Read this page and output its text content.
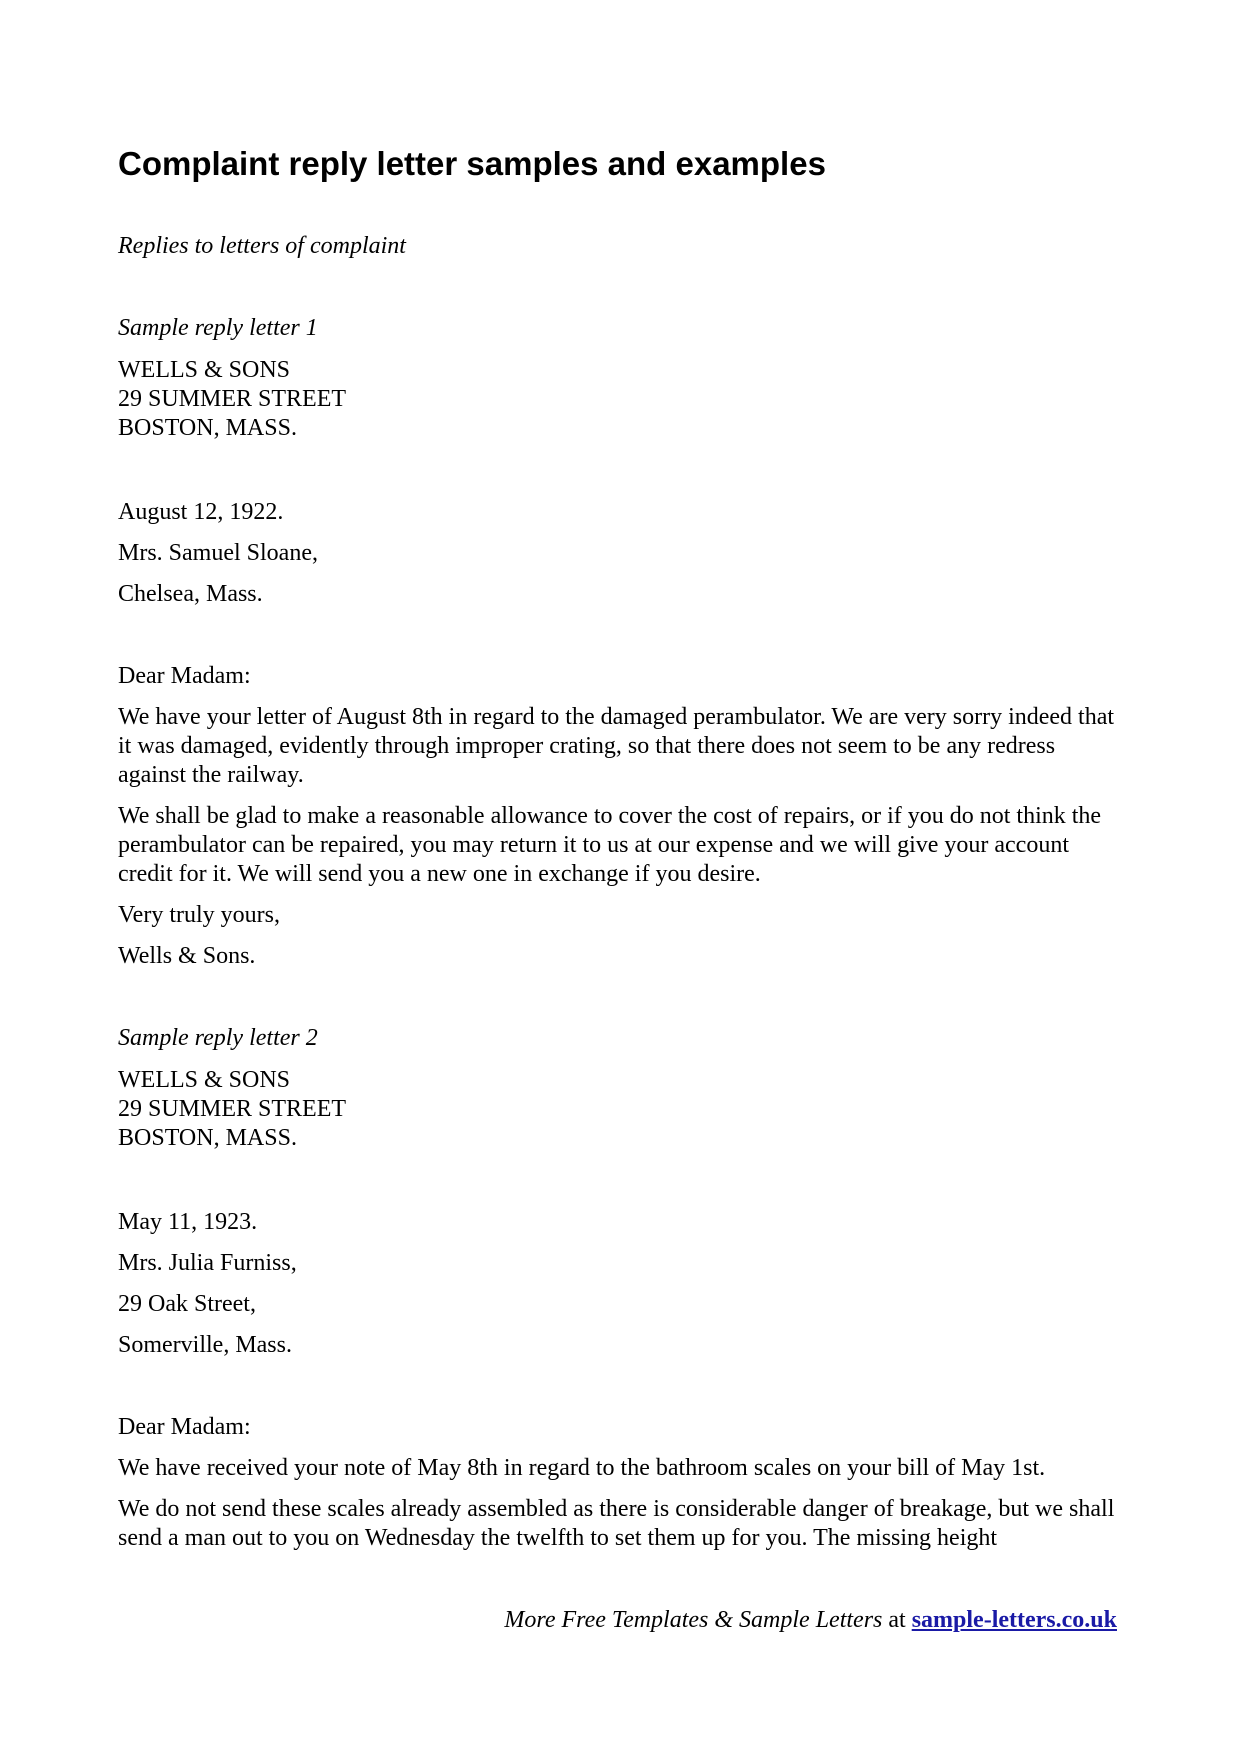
Complaint reply letter samples and examples

Replies to letters of complaint

Sample reply letter 1

WELLS & SONS
29 SUMMER STREET
BOSTON, MASS.

August 12, 1922.

Mrs. Samuel Sloane,

Chelsea, Mass.

Dear Madam:

We have your letter of August 8th in regard to the damaged perambulator. We are very sorry indeed that it was damaged, evidently through improper crating, so that there does not seem to be any redress against the railway.

We shall be glad to make a reasonable allowance to cover the cost of repairs, or if you do not think the perambulator can be repaired, you may return it to us at our expense and we will give your account credit for it. We will send you a new one in exchange if you desire.

Very truly yours,

Wells & Sons.

Sample reply letter 2

WELLS & SONS
29 SUMMER STREET
BOSTON, MASS.

May 11, 1923.

Mrs. Julia Furniss,

29 Oak Street,

Somerville, Mass.

Dear Madam:

We have received your note of May 8th in regard to the bathroom scales on your bill of May 1st.

We do not send these scales already assembled as there is considerable danger of breakage, but we shall send a man out to you on Wednesday the twelfth to set them up for you. The missing height

More Free Templates & Sample Letters at sample-letters.co.uk
